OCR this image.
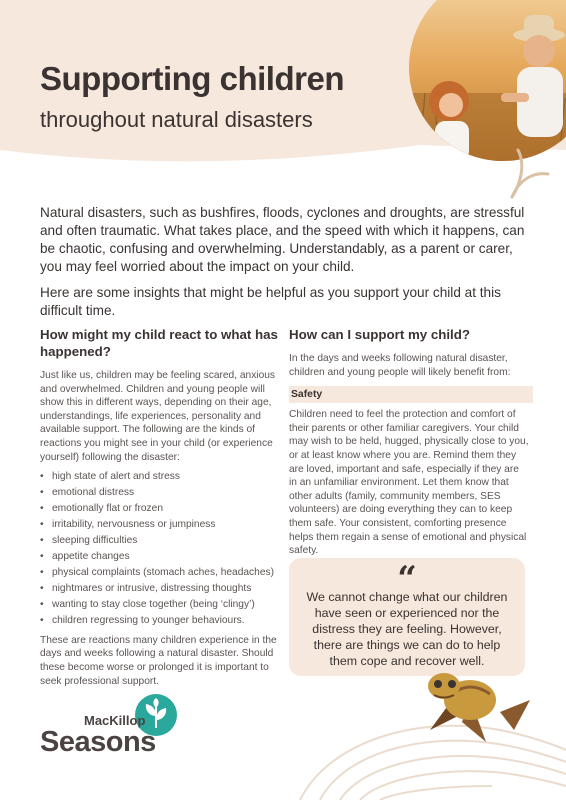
Supporting children
throughout natural disasters

Natural disasters, such as bushfires, floods, cyclones and droughts, are stressful and often traumatic. What takes place, and the speed with which it happens, can be chaotic, confusing and overwhelming. Understandably, as a parent or carer, you may feel worried about the impact on your child.

Here are some insights that might be helpful as you support your child at this difficult time.

How might my child react to what has happened?

Just like us, children may be feeling scared, anxious and overwhelmed. Children and young people will show this in different ways, depending on their age, understandings, life experiences, personality and available support. The following are the kinds of reactions you might see in your child (or experience yourself) following the disaster:

• high state of alert and stress
• emotional distress
• emotionally flat or frozen
• irritability, nervousness or jumpiness
• sleeping difficulties
• appetite changes
• physical complaints (stomach aches, headaches)
• nightmares or intrusive, distressing thoughts
• wanting to stay close together (being ‘clingy’)
• children regressing to younger behaviours.

These are reactions many children experience in the days and weeks following a natural disaster. Should these become worse or prolonged it is important to seek professional support.

How can I support my child?

In the days and weeks following natural disaster, children and young people will likely benefit from:

Safety

Children need to feel the protection and comfort of their parents or other familiar caregivers. Your child may wish to be held, hugged, physically close to you, or at least know where you are. Remind them they are loved, important and safe, especially if they are in an unfamiliar environment. Let them know that other adults (family, community members, SES volunteers) are doing everything they can to keep them safe. Your consistent, comforting presence helps them regain a sense of emotional and physical safety.

“
We cannot change what our children have seen or experienced nor the distress they are feeling. However, there are things we can do to help them cope and recover well.
MacKillop
Seasons
